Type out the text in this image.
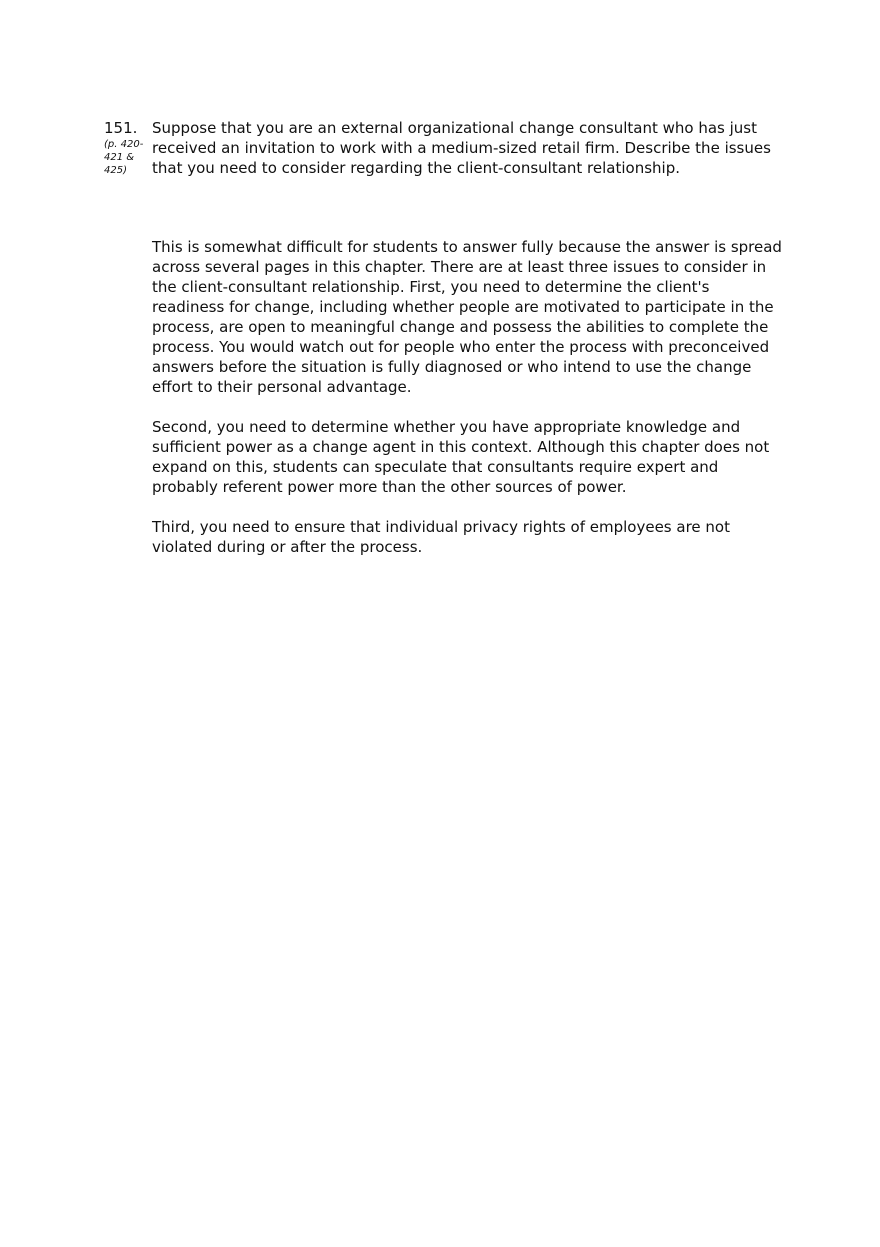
151.
(p. 420-421 & 425)

Suppose that you are an external organizational change consultant who has just received an invitation to work with a medium-sized retail firm. Describe the issues that you need to consider regarding the client-consultant relationship.

This is somewhat difficult for students to answer fully because the answer is spread across several pages in this chapter. There are at least three issues to consider in the client-consultant relationship. First, you need to determine the client's readiness for change, including whether people are motivated to participate in the process, are open to meaningful change and possess the abilities to complete the process. You would watch out for people who enter the process with preconceived answers before the situation is fully diagnosed or who intend to use the change effort to their personal advantage.

Second, you need to determine whether you have appropriate knowledge and sufficient power as a change agent in this context. Although this chapter does not expand on this, students can speculate that consultants require expert and probably referent power more than the other sources of power.

Third, you need to ensure that individual privacy rights of employees are not violated during or after the process.
